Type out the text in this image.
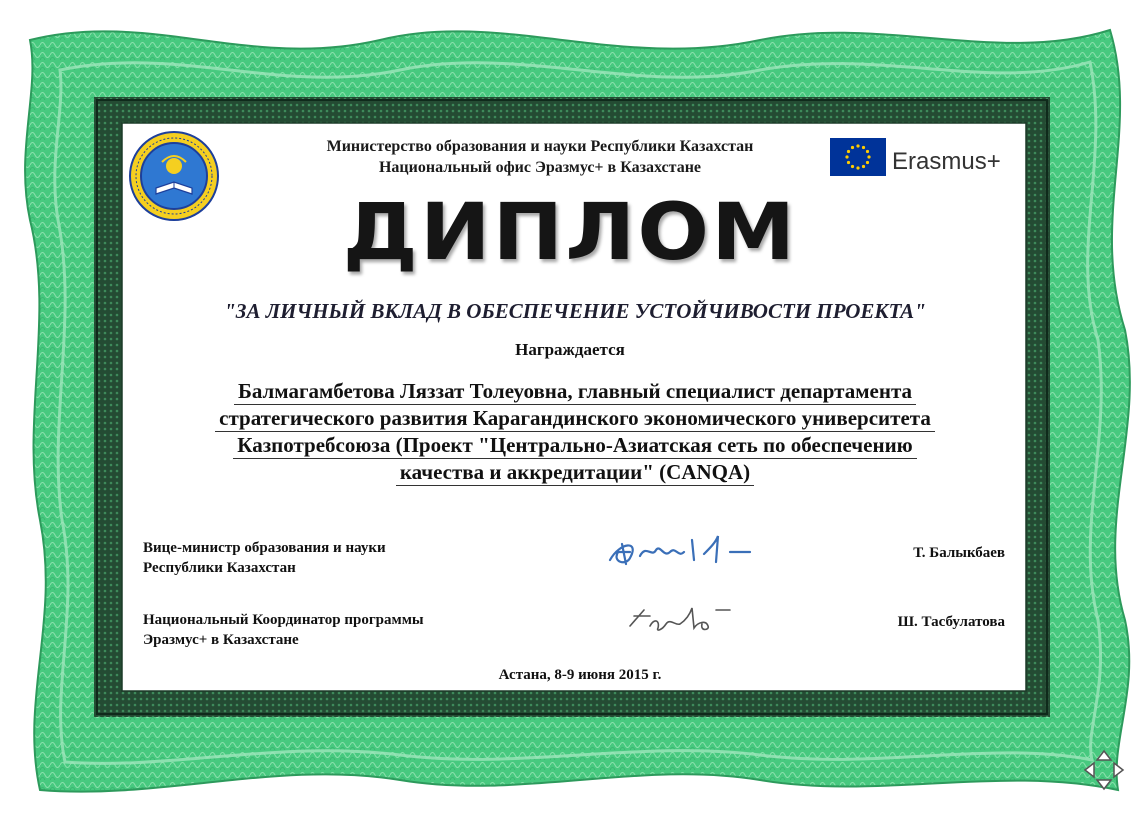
Erasmus+
Министерство образования и науки Республики Казахстан
Национальный офис Эразмус+ в Казахстане
ДИПЛОМ
"ЗА ЛИЧНЫЙ ВКЛАД В ОБЕСПЕЧЕНИЕ УСТОЙЧИВОСТИ ПРОЕКТА"
Награждается
Балмагамбетова Ляззат Толеуовна, главный специалист департамента
стратегического развития Карагандинского экономического университета
Казпотребсоюза (Проект "Центрально-Азиатская сеть по обеспечению
качества и аккредитации" (CANQA)
Вице-министр образования и науки
Республики Казахстан
Т. Балыкбаев
Национальный Координатор программы
Эразмус+ в Казахстане
Ш. Тасбулатова
Астана, 8-9 июня 2015 г.
